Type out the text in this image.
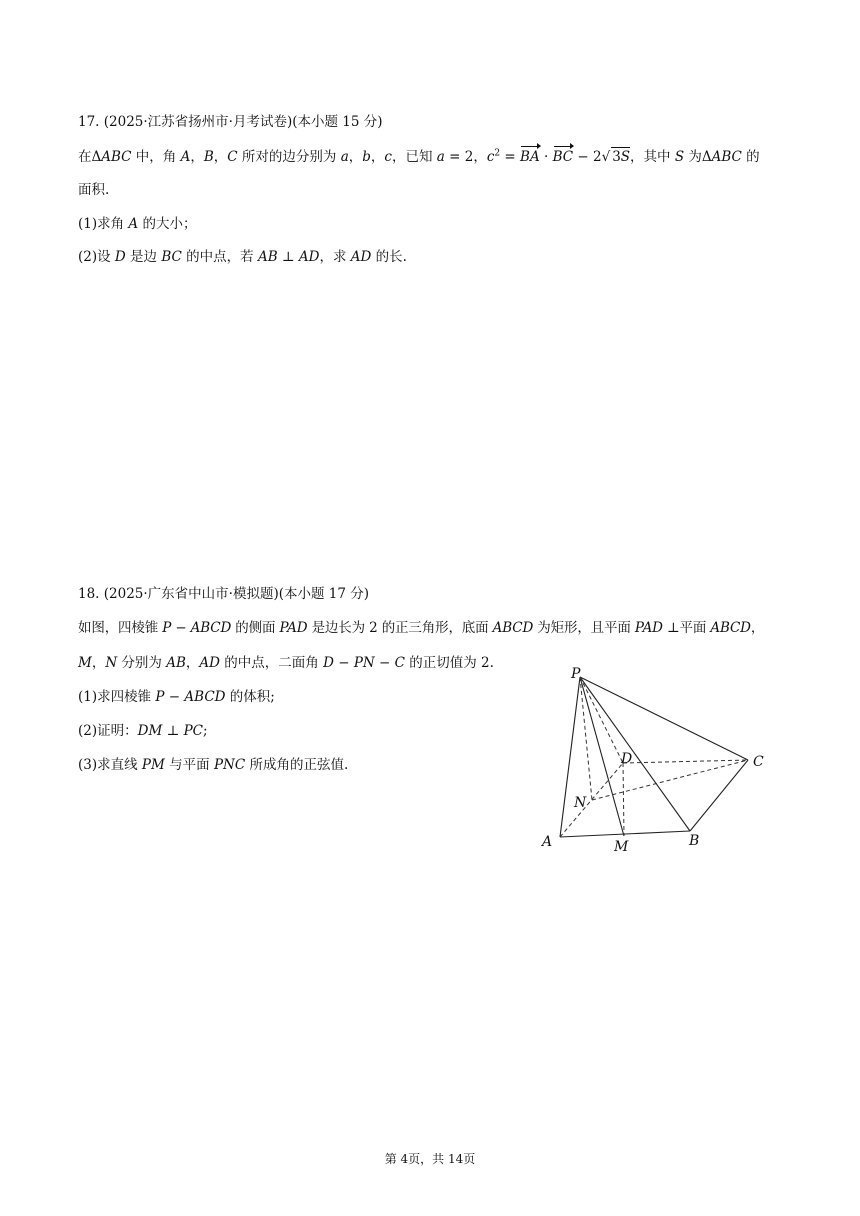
17. (2025·江苏省扬州市·月考试卷)(本小题 15 分)
在ΔABC 中，角 A，B，C 所对的边分别为 a，b，c，已知 a = 2，$c^2$ = BA · BC − 2√ 3S，其中 S 为ΔABC 的
面积.
(1)求角 A 的大小；
(2)设 D 是边 BC 的中点，若 AB ⊥ AD，求 AD 的长.
18. (2025·广东省中山市·模拟题)(本小题 17 分)
如图，四棱锥 P − ABCD 的侧面 PAD 是边长为 2 的正三角形，底面 ABCD 为矩形，且平面 PAD ⊥平面 ABCD，
M，N 分别为 AB，AD 的中点，二面角 D − PN − C 的正切值为 2.
(1)求四棱锥 P − ABCD 的体积;
(2)证明：DM ⊥ PC;
(3)求直线 PM 与平面 PNC 所成角的正弦值.
P
A	M	B
C
D
N
第 4页，共 14页
